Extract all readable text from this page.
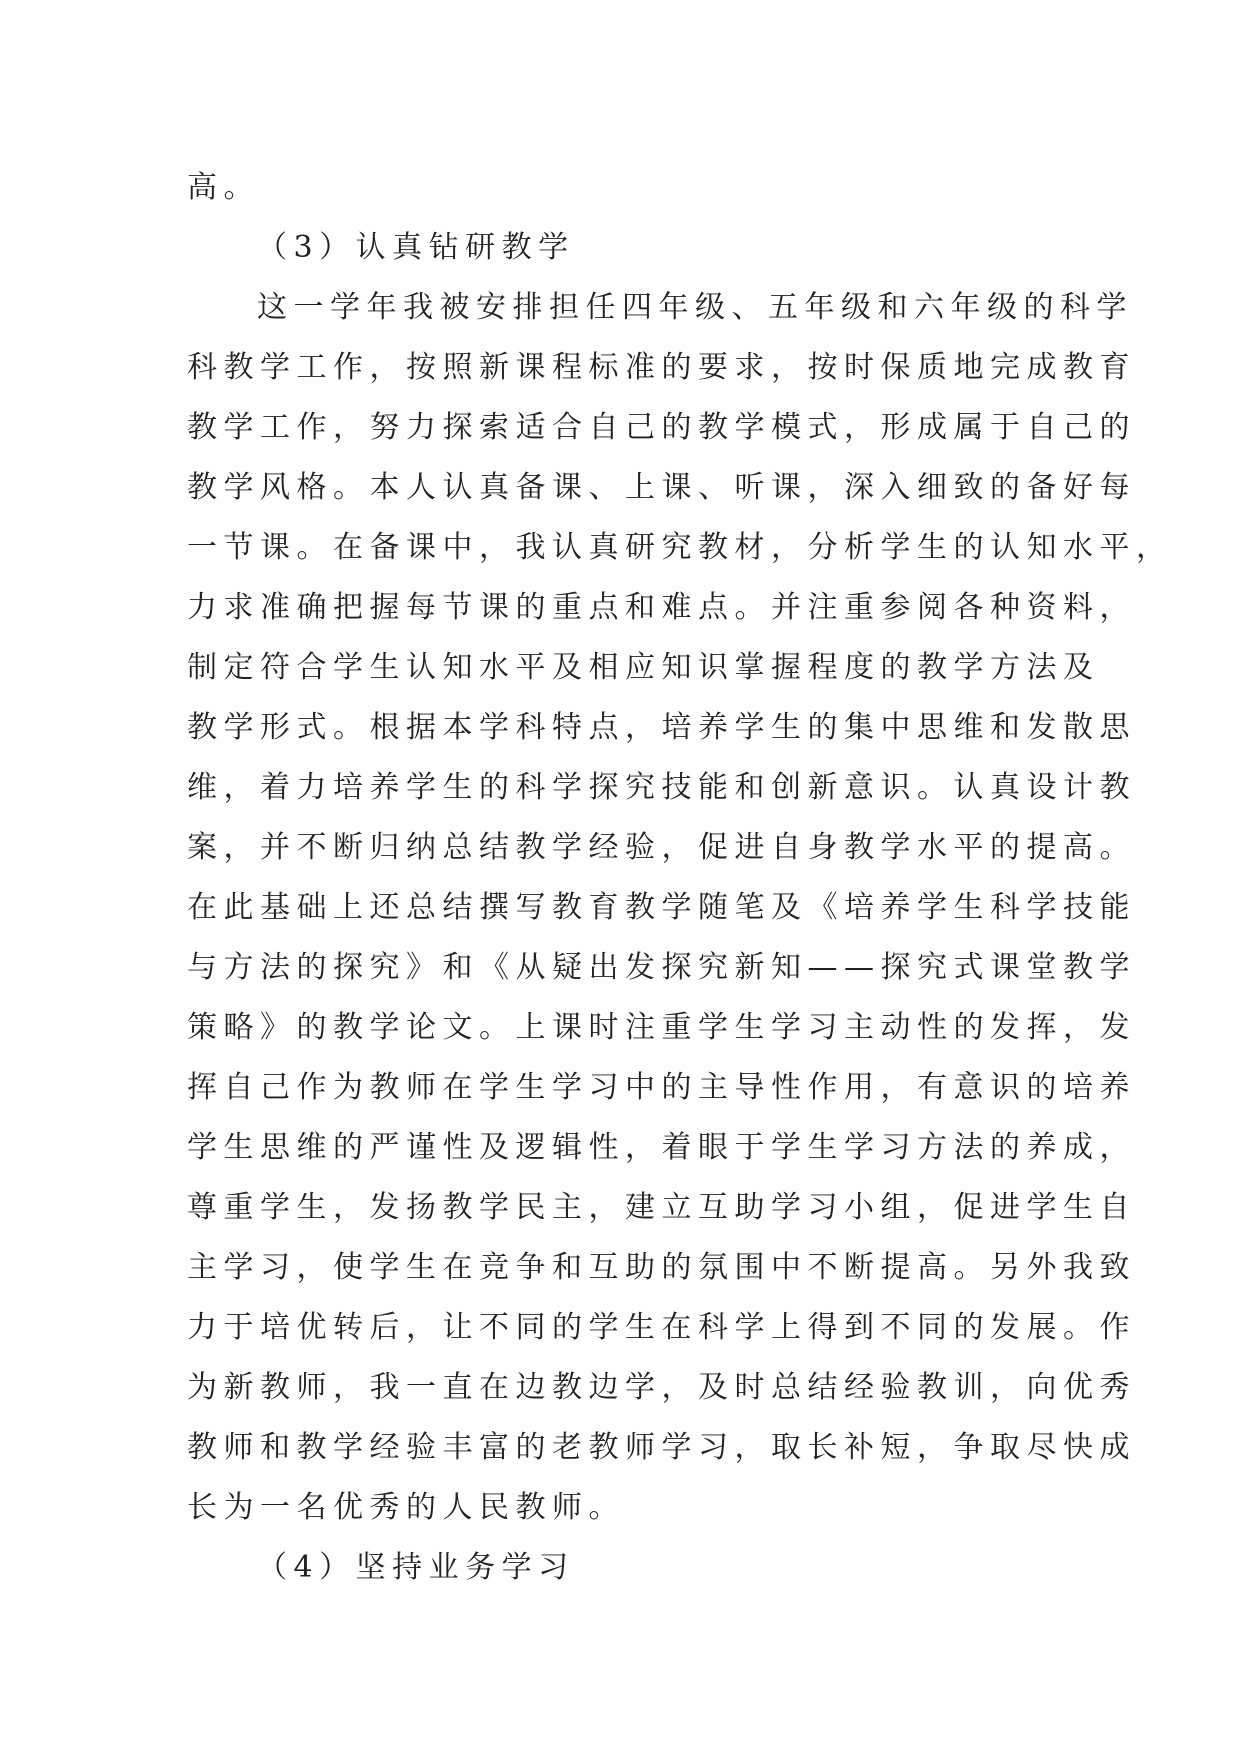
高。
（3）认真钻研教学
这一学年我被安排担任四年级、五年级和六年级的科学
科教学工作，按照新课程标准的要求，按时保质地完成教育
教学工作，努力探索适合自己的教学模式，形成属于自己的
教学风格。本人认真备课、上课、听课，深入细致的备好每
一节课。在备课中，我认真研究教材，分析学生的认知水平，
力求准确把握每节课的重点和难点。并注重参阅各种资料，
制定符合学生认知水平及相应知识掌握程度的教学方法及
教学形式。根据本学科特点，培养学生的集中思维和发散思
维，着力培养学生的科学探究技能和创新意识。认真设计教
案，并不断归纳总结教学经验，促进自身教学水平的提高。
在此基础上还总结撰写教育教学随笔及《培养学生科学技能
与方法的探究》和《从疑出发探究新知——探究式课堂教学
策略》的教学论文。上课时注重学生学习主动性的发挥，发
挥自己作为教师在学生学习中的主导性作用，有意识的培养
学生思维的严谨性及逻辑性，着眼于学生学习方法的养成，
尊重学生，发扬教学民主，建立互助学习小组，促进学生自
主学习，使学生在竞争和互助的氛围中不断提高。另外我致
力于培优转后，让不同的学生在科学上得到不同的发展。作
为新教师，我一直在边教边学，及时总结经验教训，向优秀
教师和教学经验丰富的老教师学习，取长补短，争取尽快成
长为一名优秀的人民教师。
（4）坚持业务学习
